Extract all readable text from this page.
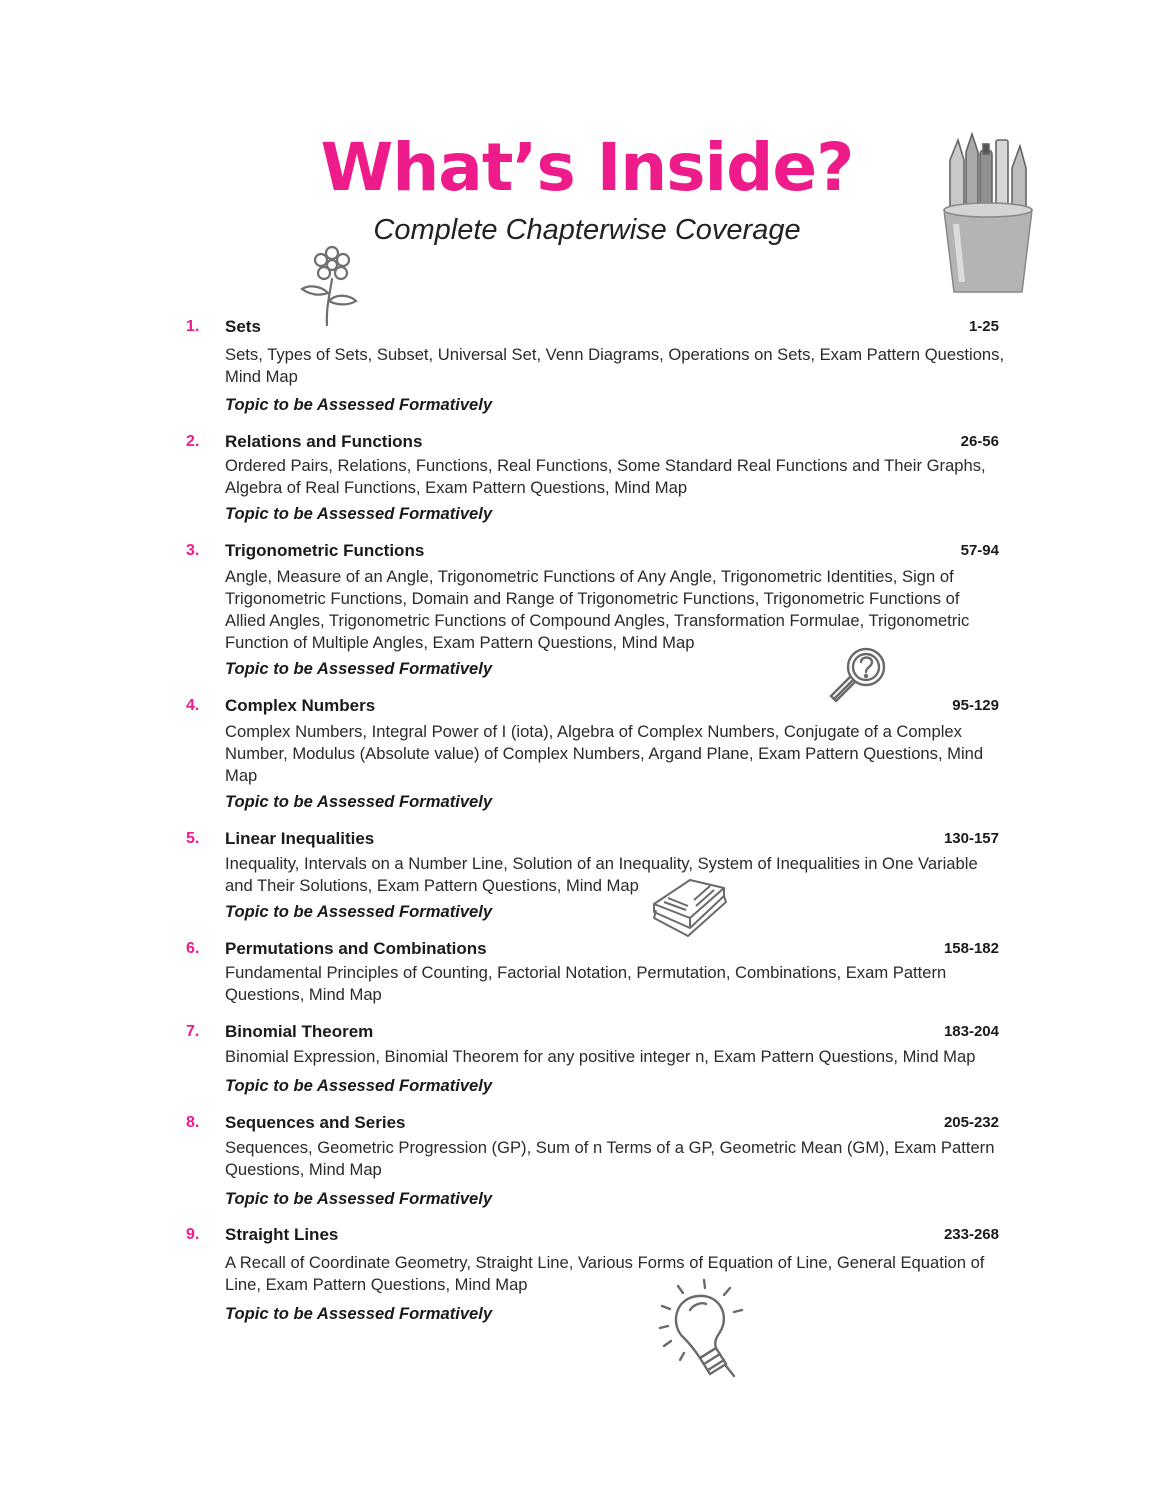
What’s Inside?

Complete Chapterwise Coverage

1. Sets	1-25
Sets, Types of Sets, Subset, Universal Set, Venn Diagrams, Operations on Sets, Exam Pattern Questions,
Mind Map
Topic to be Assessed Formatively
2. Relations and Functions	26-56
Ordered Pairs, Relations, Functions, Real Functions, Some Standard Real Functions and Their Graphs,
Algebra of Real Functions, Exam Pattern Questions, Mind Map
Topic to be Assessed Formatively
3. Trigonometric Functions	57-94
Angle, Measure of an Angle, Trigonometric Functions of Any Angle, Trigonometric Identities, Sign of
Trigonometric Functions, Domain and Range of Trigonometric Functions, Trigonometric Functions of
Allied Angles, Trigonometric Functions of Compound Angles, Transformation Formulae, Trigonometric
Function of Multiple Angles, Exam Pattern Questions, Mind Map
Topic to be Assessed Formatively
4. Complex Numbers	95-129
Complex Numbers, Integral Power of I (iota), Algebra of Complex Numbers, Conjugate of a Complex
Number, Modulus (Absolute value) of Complex Numbers, Argand Plane, Exam Pattern Questions, Mind
Map
Topic to be Assessed Formatively
5. Linear Inequalities	130-157
Inequality, Intervals on a Number Line, Solution of an Inequality, System of Inequalities in One Variable
and Their Solutions, Exam Pattern Questions, Mind Map
Topic to be Assessed Formatively
6. Permutations and Combinations	158-182
Fundamental Principles of Counting, Factorial Notation, Permutation, Combinations, Exam Pattern
Questions, Mind Map
7. Binomial Theorem	183-204
Binomial Expression, Binomial Theorem for any positive integer n, Exam Pattern Questions, Mind Map
Topic to be Assessed Formatively
8. Sequences and Series	205-232
Sequences, Geometric Progression (GP), Sum of n Terms of a GP, Geometric Mean (GM), Exam Pattern
Questions, Mind Map
Topic to be Assessed Formatively
9. Straight Lines	233-268
A Recall of Coordinate Geometry, Straight Line, Various Forms of Equation of Line, General Equation of
Line, Exam Pattern Questions, Mind Map
Topic to be Assessed Formatively
